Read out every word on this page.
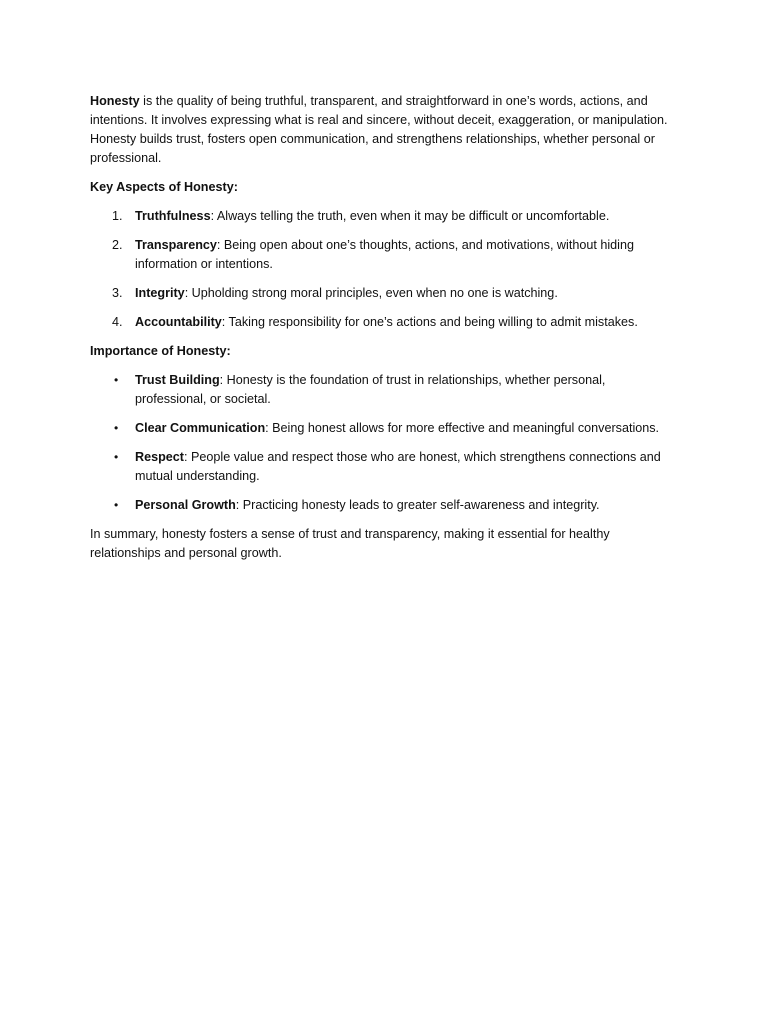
Honesty is the quality of being truthful, transparent, and straightforward in one’s words, actions, and intentions. It involves expressing what is real and sincere, without deceit, exaggeration, or manipulation. Honesty builds trust, fosters open communication, and strengthens relationships, whether personal or professional.

Key Aspects of Honesty:
1. Truthfulness: Always telling the truth, even when it may be difficult or uncomfortable.
2. Transparency: Being open about one’s thoughts, actions, and motivations, without hiding information or intentions.
3. Integrity: Upholding strong moral principles, even when no one is watching.
4. Accountability: Taking responsibility for one’s actions and being willing to admit mistakes.
Importance of Honesty:
• Trust Building: Honesty is the foundation of trust in relationships, whether personal, professional, or societal.
• Clear Communication: Being honest allows for more effective and meaningful conversations.
• Respect: People value and respect those who are honest, which strengthens connections and mutual understanding.
• Personal Growth: Practicing honesty leads to greater self-awareness and integrity.

In summary, honesty fosters a sense of trust and transparency, making it essential for healthy relationships and personal growth.
